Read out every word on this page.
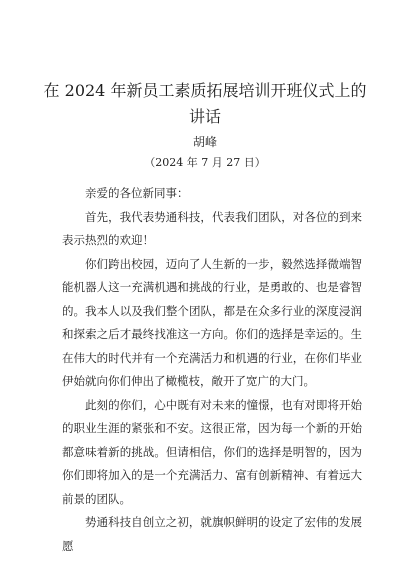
在 2024 年新员工素质拓展培训开班仪式上的
讲话
胡峰
（2024 年 7 月 27 日）

亲爱的各位新同事：

首先，我代表势通科技，代表我们团队，对各位的到来表示热烈的欢迎！

你们跨出校园，迈向了人生新的一步，毅然选择微端智能机器人这一充满机遇和挑战的行业，是勇敢的、也是睿智的。我本人以及我们整个团队，都是在众多行业的深度浸润和探索之后才最终找准这一方向。你们的选择是幸运的。生在伟大的时代并有一个充满活力和机遇的行业，在你们毕业伊始就向你们伸出了橄榄枝，敞开了宽广的大门。

此刻的你们，心中既有对未来的憧憬，也有对即将开始的职业生涯的紧张和不安。这很正常，因为每一个新的开始都意味着新的挑战。但请相信，你们的选择是明智的，因为你们即将加入的是一个充满活力、富有创新精神、有着远大前景的团队。

势通科技自创立之初，就旗帜鲜明的设定了宏伟的发展愿
